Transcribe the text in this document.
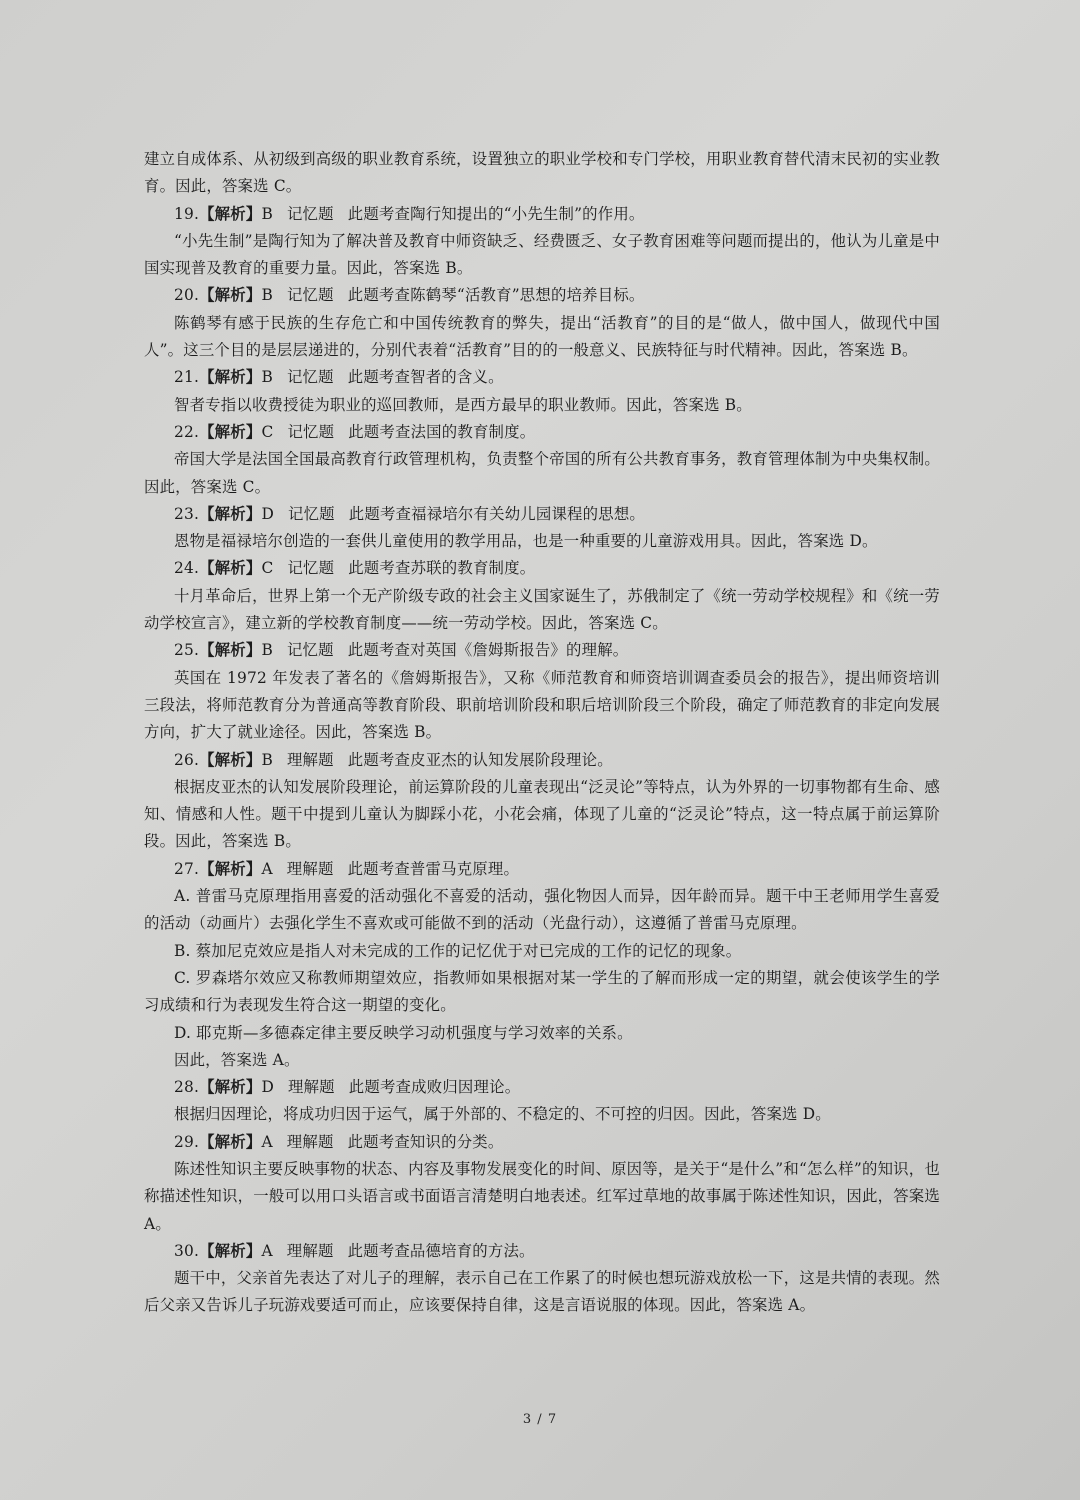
建立自成体系、从初级到高级的职业教育系统，设置独立的职业学校和专门学校，用职业教育替代清末民初的实业教育。因此，答案选 C。

19.【解析】B 记忆题 此题考查陶行知提出的“小先生制”的作用。

“小先生制”是陶行知为了解决普及教育中师资缺乏、经费匮乏、女子教育困难等问题而提出的，他认为儿童是中国实现普及教育的重要力量。因此，答案选 B。

20.【解析】B 记忆题 此题考查陈鹤琴“活教育”思想的培养目标。

陈鹤琴有感于民族的生存危亡和中国传统教育的弊失，提出“活教育”的目的是“做人，做中国人，做现代中国人”。这三个目的是层层递进的，分别代表着“活教育”目的的一般意义、民族特征与时代精神。因此，答案选 B。

21.【解析】B 记忆题 此题考查智者的含义。

智者专指以收费授徒为职业的巡回教师，是西方最早的职业教师。因此，答案选 B。

22.【解析】C 记忆题 此题考查法国的教育制度。

帝国大学是法国全国最高教育行政管理机构，负责整个帝国的所有公共教育事务，教育管理体制为中央集权制。因此，答案选 C。

23.【解析】D 记忆题 此题考查福禄培尔有关幼儿园课程的思想。

恩物是福禄培尔创造的一套供儿童使用的教学用品，也是一种重要的儿童游戏用具。因此，答案选 D。

24.【解析】C 记忆题 此题考查苏联的教育制度。

十月革命后，世界上第一个无产阶级专政的社会主义国家诞生了，苏俄制定了《统一劳动学校规程》和《统一劳动学校宣言》，建立新的学校教育制度——统一劳动学校。因此，答案选 C。

25.【解析】B 记忆题 此题考查对英国《詹姆斯报告》的理解。

英国在 1972 年发表了著名的《詹姆斯报告》，又称《师范教育和师资培训调查委员会的报告》，提出师资培训三段法，将师范教育分为普通高等教育阶段、职前培训阶段和职后培训阶段三个阶段，确定了师范教育的非定向发展方向，扩大了就业途径。因此，答案选 B。

26.【解析】B 理解题 此题考查皮亚杰的认知发展阶段理论。

根据皮亚杰的认知发展阶段理论，前运算阶段的儿童表现出“泛灵论”等特点，认为外界的一切事物都有生命、感知、情感和人性。题干中提到儿童认为脚踩小花，小花会痛，体现了儿童的“泛灵论”特点，这一特点属于前运算阶段。因此，答案选 B。

27.【解析】A 理解题 此题考查普雷马克原理。

A. 普雷马克原理指用喜爱的活动强化不喜爱的活动，强化物因人而异，因年龄而异。题干中王老师用学生喜爱的活动（动画片）去强化学生不喜欢或可能做不到的活动（光盘行动），这遵循了普雷马克原理。

B. 蔡加尼克效应是指人对未完成的工作的记忆优于对已完成的工作的记忆的现象。

C. 罗森塔尔效应又称教师期望效应，指教师如果根据对某一学生的了解而形成一定的期望，就会使该学生的学习成绩和行为表现发生符合这一期望的变化。

D. 耶克斯—多德森定律主要反映学习动机强度与学习效率的关系。

因此，答案选 A。

28.【解析】D 理解题 此题考查成败归因理论。

根据归因理论，将成功归因于运气，属于外部的、不稳定的、不可控的归因。因此，答案选 D。

29.【解析】A 理解题 此题考查知识的分类。

陈述性知识主要反映事物的状态、内容及事物发展变化的时间、原因等，是关于“是什么”和“怎么样”的知识，也称描述性知识，一般可以用口头语言或书面语言清楚明白地表述。红军过草地的故事属于陈述性知识，因此，答案选 A。

30.【解析】A 理解题 此题考查品德培育的方法。

题干中，父亲首先表达了对儿子的理解，表示自己在工作累了的时候也想玩游戏放松一下，这是共情的表现。然后父亲又告诉儿子玩游戏要适可而止，应该要保持自律，这是言语说服的体现。因此，答案选 A。

3 / 7
